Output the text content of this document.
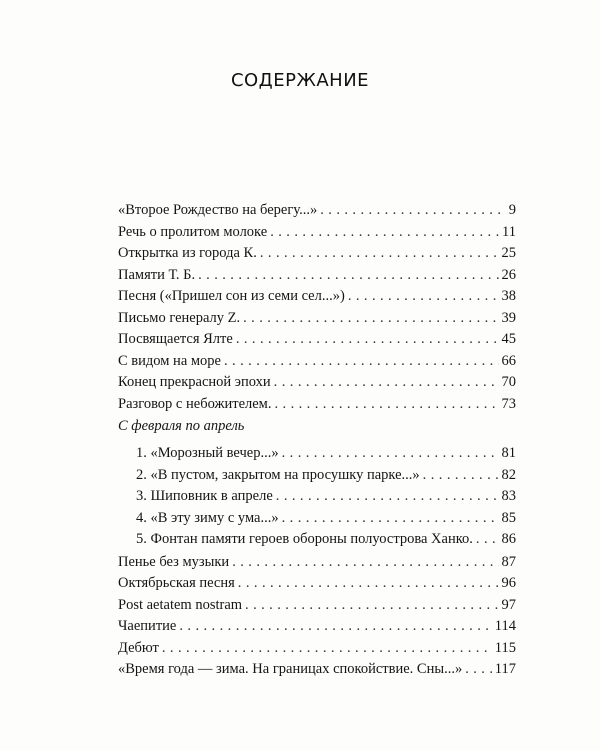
СОДЕРЖАНИЕ
«Второе Рождество на берегу...» . . .	9
Речь о пролитом молоке . . .	11
Открытка из города К. . . .	25
Памяти Т. Б. . . .	26
Песня («Пришел сон из семи сел...») . . .	38
Письмо генералу Z. . . .	39
Посвящается Ялте . . .	45
С видом на море . . .	66
Конец прекрасной эпохи . . .	70
Разговор с небожителем. . . .	73
С февраля по апрель
1. «Морозный вечер...» . . .	81
2. «В пустом, закрытом на просушку парке...» . . .	82
3. Шиповник в апреле . . .	83
4. «В эту зиму с ума...» . . .	85
5. Фонтан памяти героев обороны полуострова Ханко. . . . 86
Пенье без музыки . . .	87
Октябрьская песня . . .	96
Post aetatem nostram . . .	97
Чаепитие . . .	114
Дебют . . .	115
«Время года — зима. На границах спокойствие. Сны...» . . . 117
